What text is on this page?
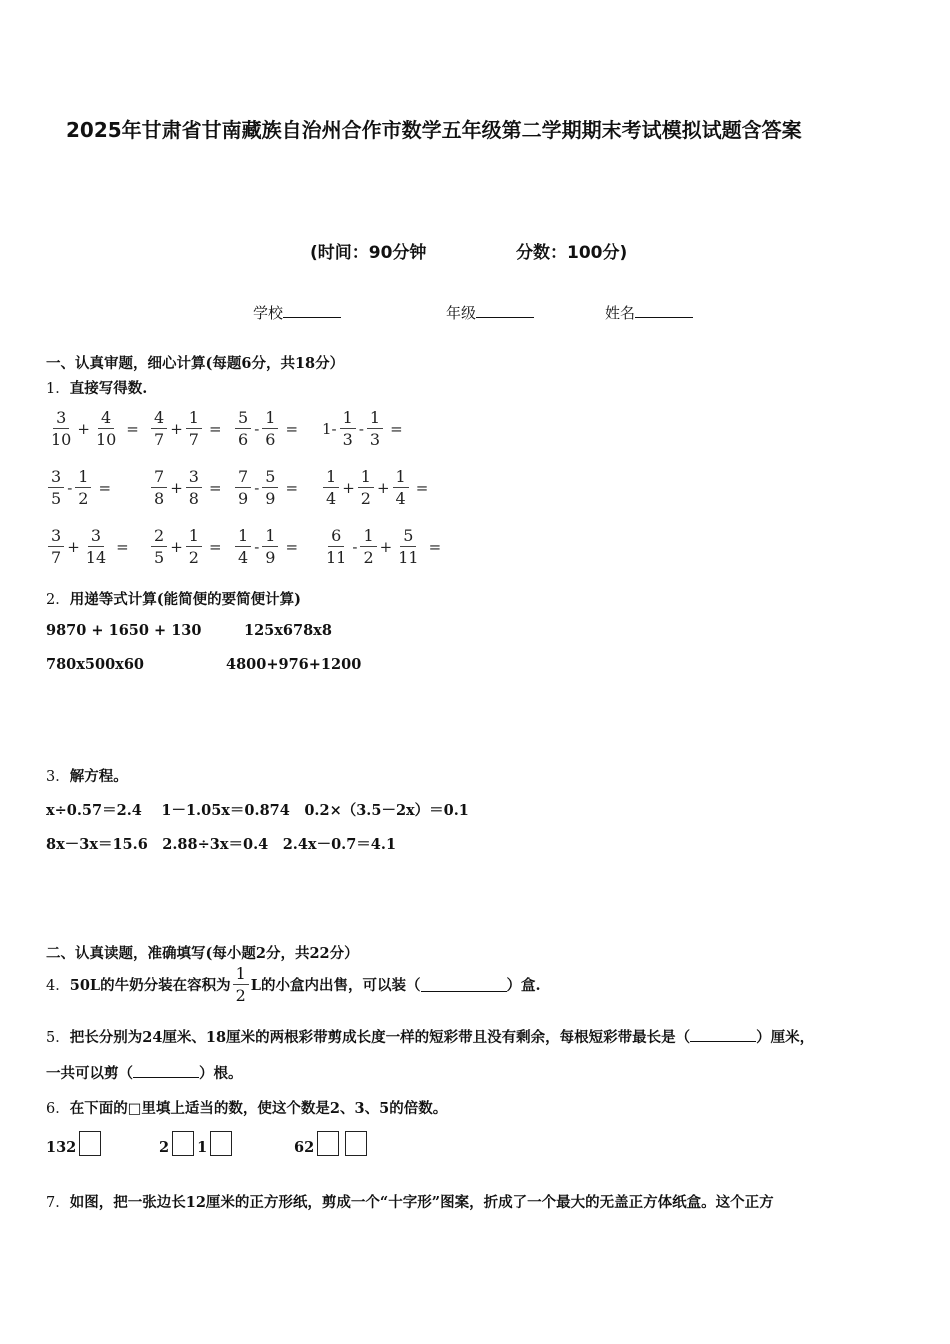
2025年甘肃省甘南藏族自治州合作市数学五年级第二学期期末考试模拟试题含答案
(时间：90分钟	分数：100分)
学校	年级	姓名
一、认真审题，细心计算(每题6分，共18分）
1．直接写得数.
$\frac{3}{10} + \frac{4}{10} = \frac{4}{7} + \frac{1}{7} = \frac{5}{6} - \frac{1}{6} = 1- \frac{1}{3} - \frac{1}{3}$ =
$\frac{3}{5} - \frac{1}{2} = \frac{7}{8} + \frac{3}{8} = \frac{7}{9} - \frac{5}{9} = \frac{1}{4} + \frac{1}{2} + \frac{1}{4}$ =
$\frac{3}{7} + \frac{3}{14} = \frac{2}{5} + \frac{1}{2} = \frac{1}{4} - \frac{1}{9} = \frac{6}{11} - \frac{1}{2} + \frac{5}{11}$ =
2．用递等式计算(能简便的要简便计算)
9870 + 1650 + 130	125x678x8
780x500x60	4800+976+1200
3．解方程。
x÷0.57＝2.4　 1－1.05x＝0.874　0.2×（3.5－2x）＝0.1
8x－3x＝15.6　2.88÷3x＝0.4　2.4x－0.7＝4.1
二、认真读题，准确填写(每小题2分，共22分）
4． 50L的牛奶分装在容积为 $\frac{1}{2}$ L的小盒内出售，可以装（	）盒.
5．把长分别为24厘米、18厘米的两根彩带剪成长度一样的短彩带且没有剩余，每根短彩带最长是（	）厘米，
一共可以剪（	）根。
6．在下面的□里填上适当的数，使这个数是2、3、5的倍数。
132	2 1	62
7．如图，把一张边长12厘米的正方形纸，剪成一个“十字形”图案，折成了一个最大的无盖正方体纸盒。这个正方
